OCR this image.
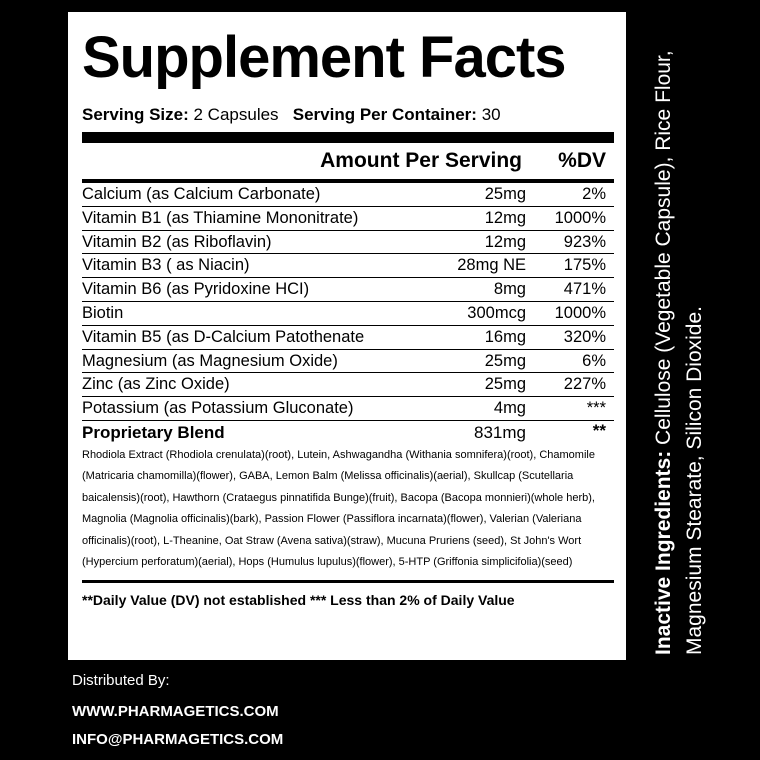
Supplement Facts
Serving Size: 2 Capsules Serving Per Container: 30
Amount Per Serving %DV
Calcium (as Calcium Carbonate)	25mg	2%
Vitamin B1 (as Thiamine Mononitrate)	12mg 1000%
Vitamin B2 (as Riboflavin)	12mg 923%
Vitamin B3 ( as Niacin)	28mg NE 175%
Vitamin B6 (as Pyridoxine HCI)	8mg 471%
Biotin	300mcg 1000%
Vitamin B5 (as D-Calcium Patothenate	16mg 320%
Magnesium (as Magnesium Oxide)	25mg	6%
Zinc (as Zinc Oxide)	25mg 227%
Potassium (as Potassium Gluconate)	4mg	***
Proprietary Blend	831mg	**
Rhodiola Extract (Rhodiola crenulata)(root), Lutein, Ashwagandha (Withania somnifera)(root), Chamomile (Matricaria chamomilla)(flower), GABA, Lemon Balm (Melissa officinalis)(aerial), Skullcap (Scutellaria baicalensis)(root), Hawthorn (Crataegus pinnatifida Bunge)(fruit), Bacopa (Bacopa monnieri)(whole herb), Magnolia (Magnolia officinalis)(bark), Passion Flower (Passiflora incarnata)(flower), Valerian (Valeriana officinalis)(root), L-Theanine, Oat Straw (Avena sativa)(straw), Mucuna Pruriens (seed), St John's Wort (Hypercium perforatum)(aerial), Hops (Humulus lupulus)(flower), 5-HTP (Griffonia simplicifolia)(seed)
**Daily Value (DV) not established *** Less than 2% of Daily Value	Inactive Ingredients: Cellulose (Vegetable Capsule), Rice Flour, Magnesium Stearate, Silicon Dioxide.
Distributed By:
WWW.PHARMAGETICS.COM
INFO@PHARMAGETICS.COM
